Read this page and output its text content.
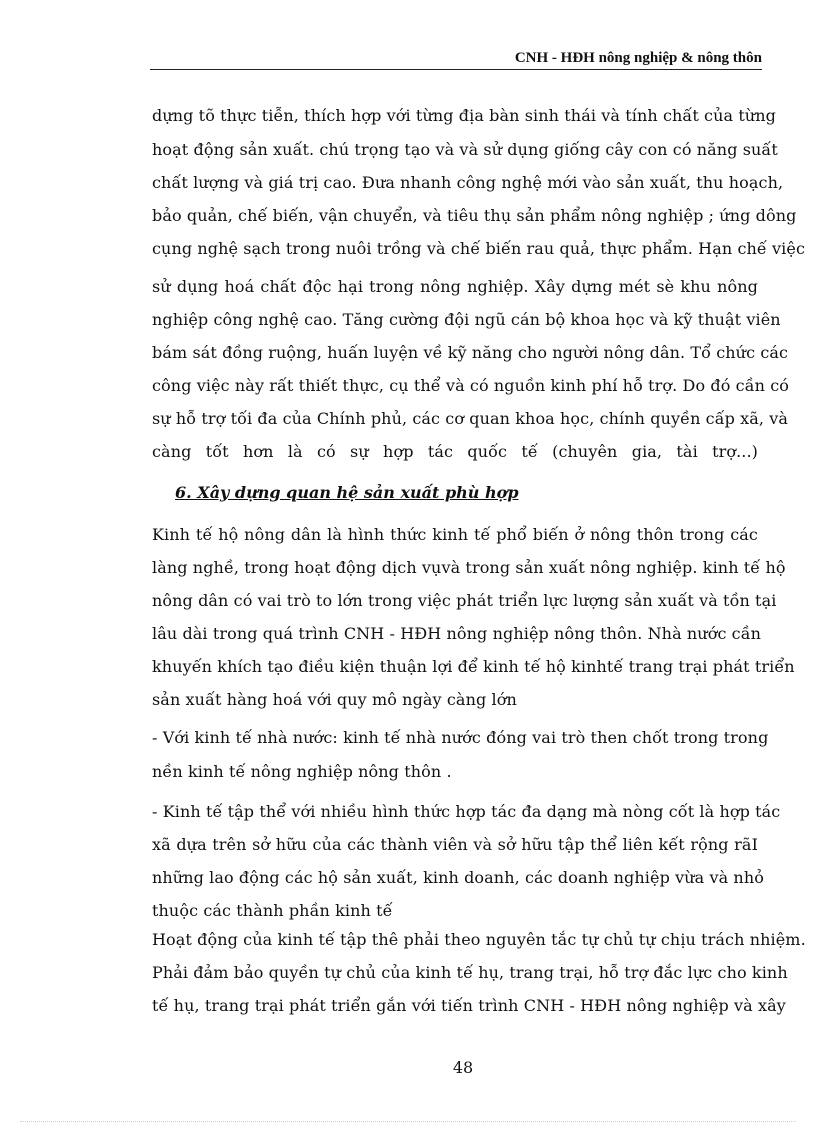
CNH - HĐH nông nghiệp & nông thôn
dựng tõ thực tiễn, thích hợp với từng địa bàn sinh thái và tính chất của từng
hoạt động sản xuất. chú trọng tạo và và sử dụng giống cây con có năng suất
chất lượng và giá trị cao. Đưa nhanh công nghệ mới vào sản xuất, thu hoạch,
bảo quản, chế biến, vận chuyển, và tiêu thụ sản phẩm nông nghiệp ; ứng dông
cụng nghệ sạch trong nuôi trồng và chế biến rau quả, thực phẩm. Hạn chế việc
sử dụng hoá chất độc hại trong nông nghiệp. Xây dựng mét sè khu nông
nghiệp công nghệ cao. Tăng cường đội ngũ cán bộ khoa học và kỹ thuật viên
bám sát đồng ruộng, huấn luyện về kỹ năng cho người nông dân. Tổ chức các
công việc này rất thiết thực, cụ thể và có nguồn kinh phí hỗ trợ. Do đó cần có
sự hỗ trợ tối đa của Chính phủ, các cơ quan khoa học, chính quyền cấp xã, và
càng tốt hơn là có sự hợp tác quốc tế (chuyên gia, tài trợ...)
6. Xây dựng quan hệ sản xuất phù hợp
Kinh tế hộ nông dân là hình thức kinh tế phổ biến ở nông thôn trong các
làng nghề, trong hoạt động dịch vụvà trong sản xuất nông nghiệp. kinh tế hộ
nông dân có vai trò to lớn trong việc phát triển lực lượng sản xuất và tồn tại
lâu dài trong quá trình CNH - HĐH nông nghiệp nông thôn. Nhà nước cần
khuyến khích tạo điều kiện thuận lợi để kinh tế hộ kinhtế trang trại phát triển
sản xuất hàng hoá với quy mô ngày càng lớn
- Với kinh tế nhà nước: kinh tế nhà nước đóng vai trò then chốt trong trong
nền kinh tế nông nghiệp nông thôn .
- Kinh tế tập thể với nhiều hình thức hợp tác đa dạng mà nòng cốt là hợp tác
xã dựa trên sở hữu của các thành viên và sở hữu tập thể liên kết rộng rãI
những lao động các hộ sản xuất, kinh doanh, các doanh nghiệp vừa và nhỏ
thuộc các thành phần kinh tế
Hoạt động của kinh tế tập thê phải theo nguyên tắc tự chủ tự chịu trách nhiệm.
Phải đảm bảo quyền tự chủ của kinh tế hụ, trang trại, hỗ trợ đắc lực cho kinh
tế hụ, trang trại phát triển gắn với tiến trình CNH - HĐH nông nghiệp và xây
48
